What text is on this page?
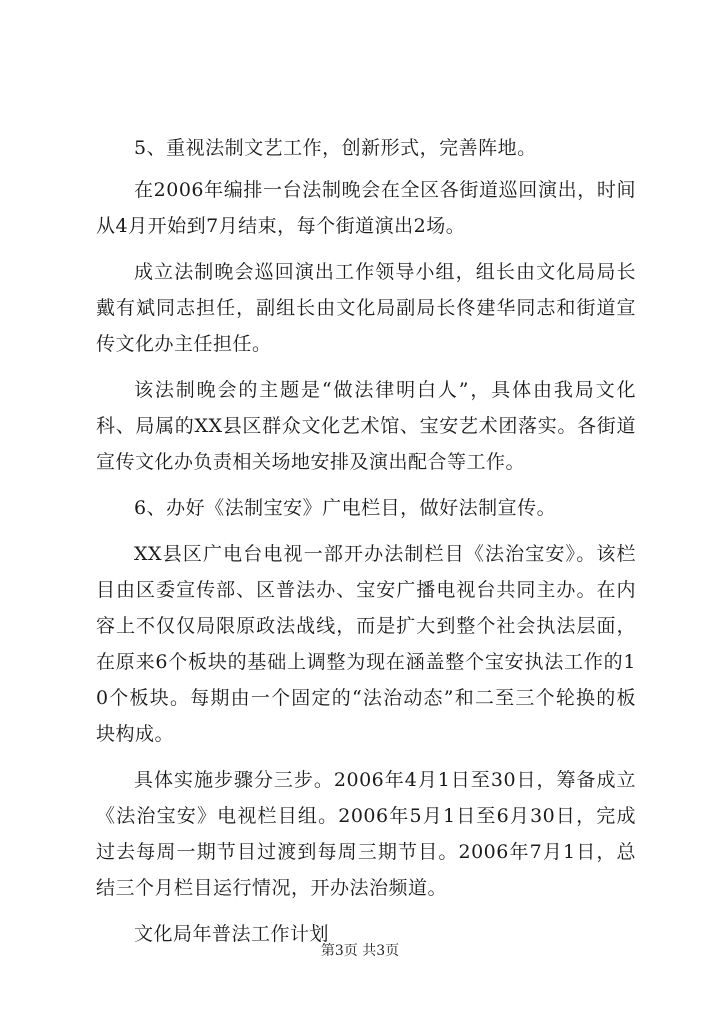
5、重视法制文艺工作，创新形式，完善阵地。

在2006年编排一台法制晚会在全区各街道巡回演出，时间从4月开始到7月结束，每个街道演出2场。

成立法制晚会巡回演出工作领导小组，组长由文化局局长戴有斌同志担任，副组长由文化局副局长佟建华同志和街道宣传文化办主任担任。

该法制晚会的主题是“做法律明白人”，具体由我局文化科、局属的XX县区群众文化艺术馆、宝安艺术团落实。各街道宣传文化办负责相关场地安排及演出配合等工作。

6、办好《法制宝安》广电栏目，做好法制宣传。

XX县区广电台电视一部开办法制栏目《法治宝安》。该栏目由区委宣传部、区普法办、宝安广播电视台共同主办。在内容上不仅仅局限原政法战线，而是扩大到整个社会执法层面，在原来6个板块的基础上调整为现在涵盖整个宝安执法工作的10个板块。每期由一个固定的“法治动态”和二至三个轮换的板块构成。

具体实施步骤分三步。2006年4月1日至30日，筹备成立《法治宝安》电视栏目组。2006年5月1日至6月30日，完成过去每周一期节目过渡到每周三期节目。2006年7月1日，总结三个月栏目运行情况，开办法治频道。

文化局年普法工作计划

第3页 共3页
